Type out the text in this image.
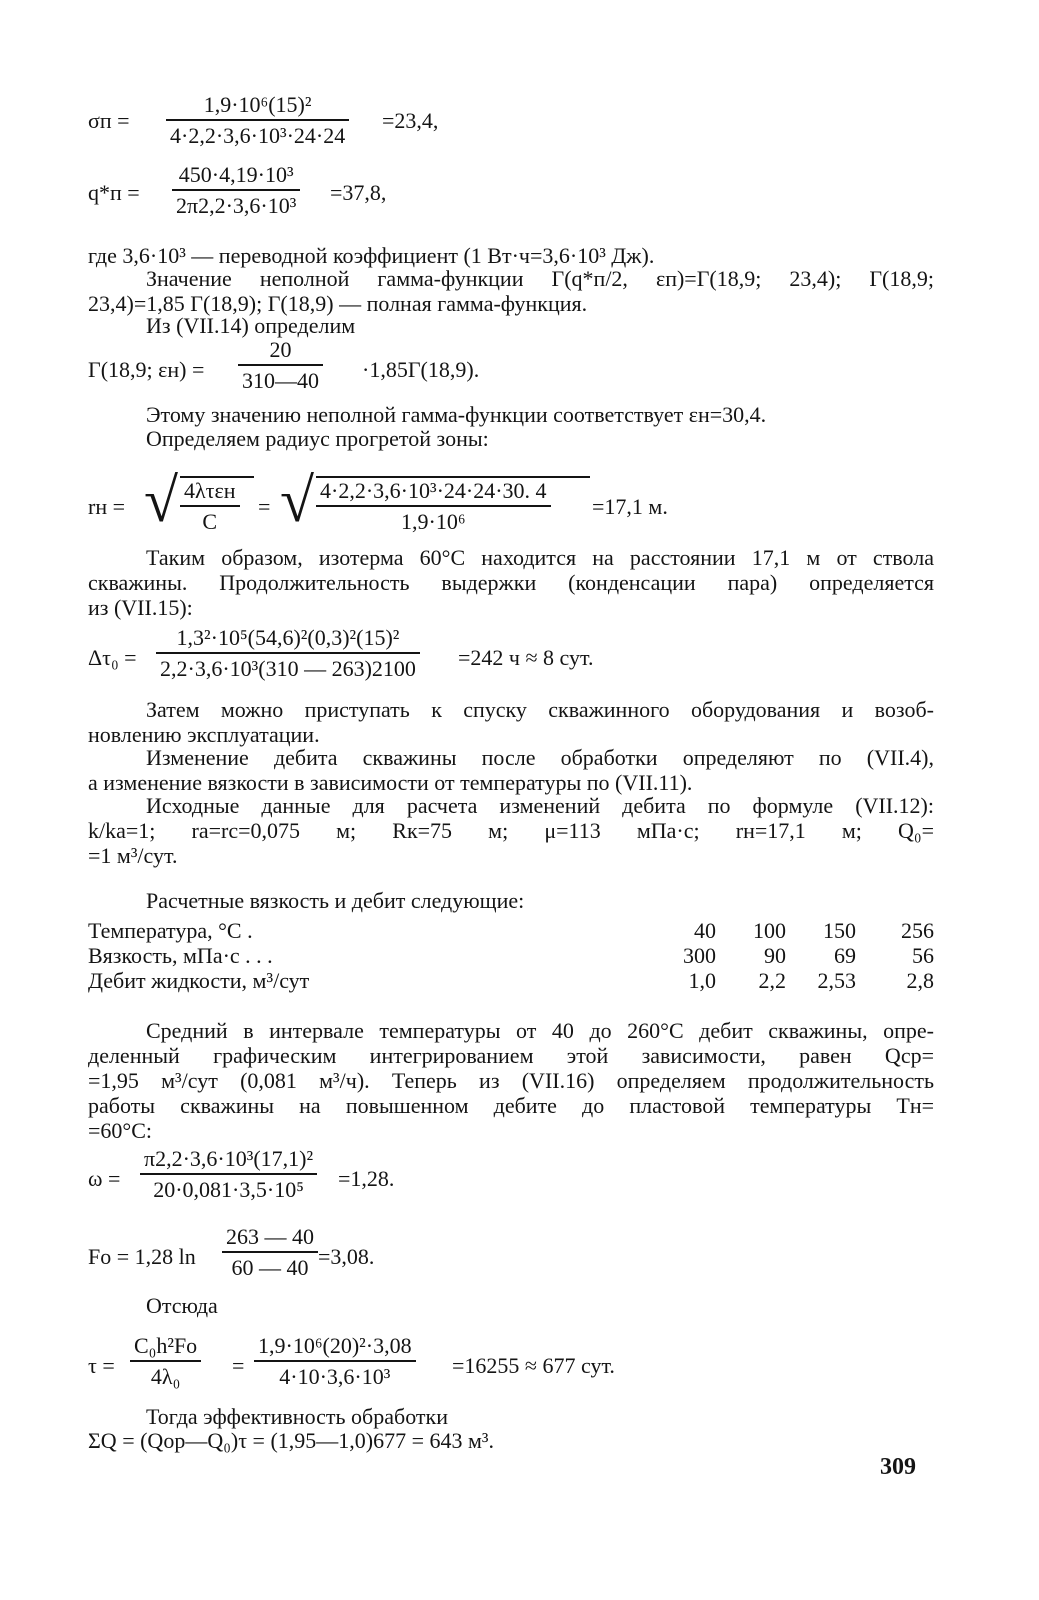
$\sigma п = \frac{\text{1,9·10⁶(15)²}}{\text{4·2,2·3,6·10³·24·24}} =23,4$,
$q*п = \frac{\text{450·4,19·10³}}{\text{2π2,2·3,6·10³}} =37,8$,
где 3,6·10³ — переводной коэффициент (1 Вт·ч=3,6·10³ Дж).
Значение неполной гамма-функции Г(q*п/2, εп)=Г(18,9; 23,4); Г(18,9;
23,4)=1,85 Г(18,9); Г(18,9) — полная гамма-функция.
Из (VII.14) определим
Г(18,9; $\varepsilon н) = \frac{20}{310—40} \cdot 1,85Г(18,9)$.
Этому значению неполной гамма-функции соответствует εн=30,4.
Определяем радиус прогретой зоны:
rн = √ 4λτεн
C
= √ $\frac{\text{4·2,2·3,6·10³·24·24·30. 4}}{\text{1,9·10⁶}} =17,1$ м.
Таким образом, изотерма 60°C находится на расстоянии 17,1 м от ствола
скважины. Продолжительность выдержки (конденсации пара) определяется
из (VII.15):
$\Delta\tau_0 = \frac{\text{1,3²·10⁵(54,6)²(0,3)²(15)²}}{\text{2,2·3,6·10³(310 — 263)2100}} =242$ ч ≈ 8 сут.
Затем можно приступать к спуску скважинного оборудования и возоб-
новлению эксплуатации.
Изменение дебита скважины после обработки определяют по (VII.4),
а изменение вязкости в зависимости от температуры по (VII.11).
Исходные данные для расчета изменений дебита по формуле (VII.12):
k/kа=1; rа=rс=0,075 м; Rк=75 м; μ=113 мПа·с; rн=17,1 м; Q₀=
=1 м³/сут.
Расчетные вязкость и дебит следующие:
Температура, °C .	40	100	150	256
Вязкость, мПа·с . . .	300	90	69	56
Дебит жидкости, м³/сут	1,0	2,2	2,53	2,8
Средний в интервале температуры от 40 до 260°C дебит скважины, опре-
деленный графическим интегрированием этой зависимости, равен Qср=
=1,95 м³/сут (0,081 м³/ч). Теперь из (VII.16) определяем продолжительность
работы скважины на повышенном дебите до пластовой температуры Tн=
=60°C:
$\omega = \frac{\text{π2,2·3,6·10³(17,1)²}}{\text{20·0,081·3,5·10⁵}} =1,28$.
Fo = 1,28 $\ln \frac{263 — 40}{60 — 40} =3,08$.
Отсюда
$\tau = \frac{\text{C₀h²Fo}}{\text{4λ₀}} = \frac{\text{1,9·10⁶(20)²·3,08}}{\text{4·10·3,6·10³}} =16255 \approx 677$ сут.
Тогда эффективность обработки
ΣQ = (Qор—Q₀)τ = (1,95—1,0)677 = 643 м³.
309
